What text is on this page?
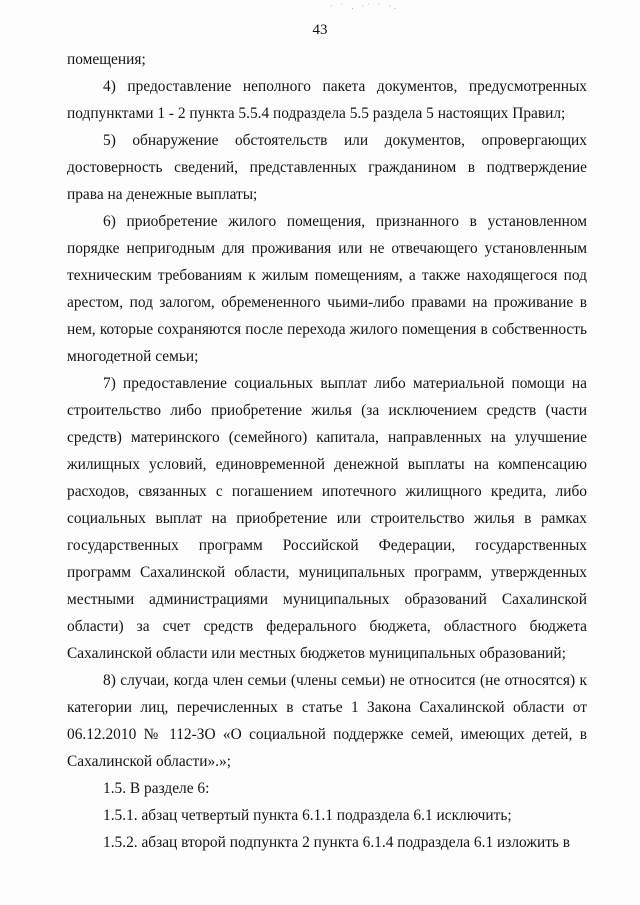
· ˙ . ·˙ ˙ ·.
43

помещения;

4) предоставление неполного пакета документов, предусмотренных подпунктами 1 - 2 пункта 5.5.4 подраздела 5.5 раздела 5 настоящих Правил;

5) обнаружение обстоятельств или документов, опровергающих достоверность сведений, представленных гражданином в подтверждение права на денежные выплаты;

6) приобретение жилого помещения, признанного в установленном порядке непригодным для проживания или не отвечающего установленным техническим требованиям к жилым помещениям, а также находящегося под арестом, под залогом, обремененного чьими-либо правами на проживание в нем, которые сохраняются после перехода жилого помещения в собственность многодетной семьи;

7) предоставление социальных выплат либо материальной помощи на строительство либо приобретение жилья (за исключением средств (части средств) материнского (семейного) капитала, направленных на улучшение жилищных условий, единовременной денежной выплаты на компенсацию расходов, связанных с погашением ипотечного жилищного кредита, либо социальных выплат на приобретение или строительство жилья в рамках государственных программ Российской Федерации, государственных программ Сахалинской области, муниципальных программ, утвержденных местными администрациями муниципальных образований Сахалинской области) за счет средств федерального бюджета, областного бюджета Сахалинской области или местных бюджетов муниципальных образований;

8) случаи, когда член семьи (члены семьи) не относится (не относятся) к категории лиц, перечисленных в статье 1 Закона Сахалинской области от 06.12.2010 № 112-ЗО «О социальной поддержке семей, имеющих детей, в Сахалинской области».»;

1.5. В разделе 6:

1.5.1. абзац четвертый пункта 6.1.1 подраздела 6.1 исключить;

1.5.2. абзац второй подпункта 2 пункта 6.1.4 подраздела 6.1 изложить в
